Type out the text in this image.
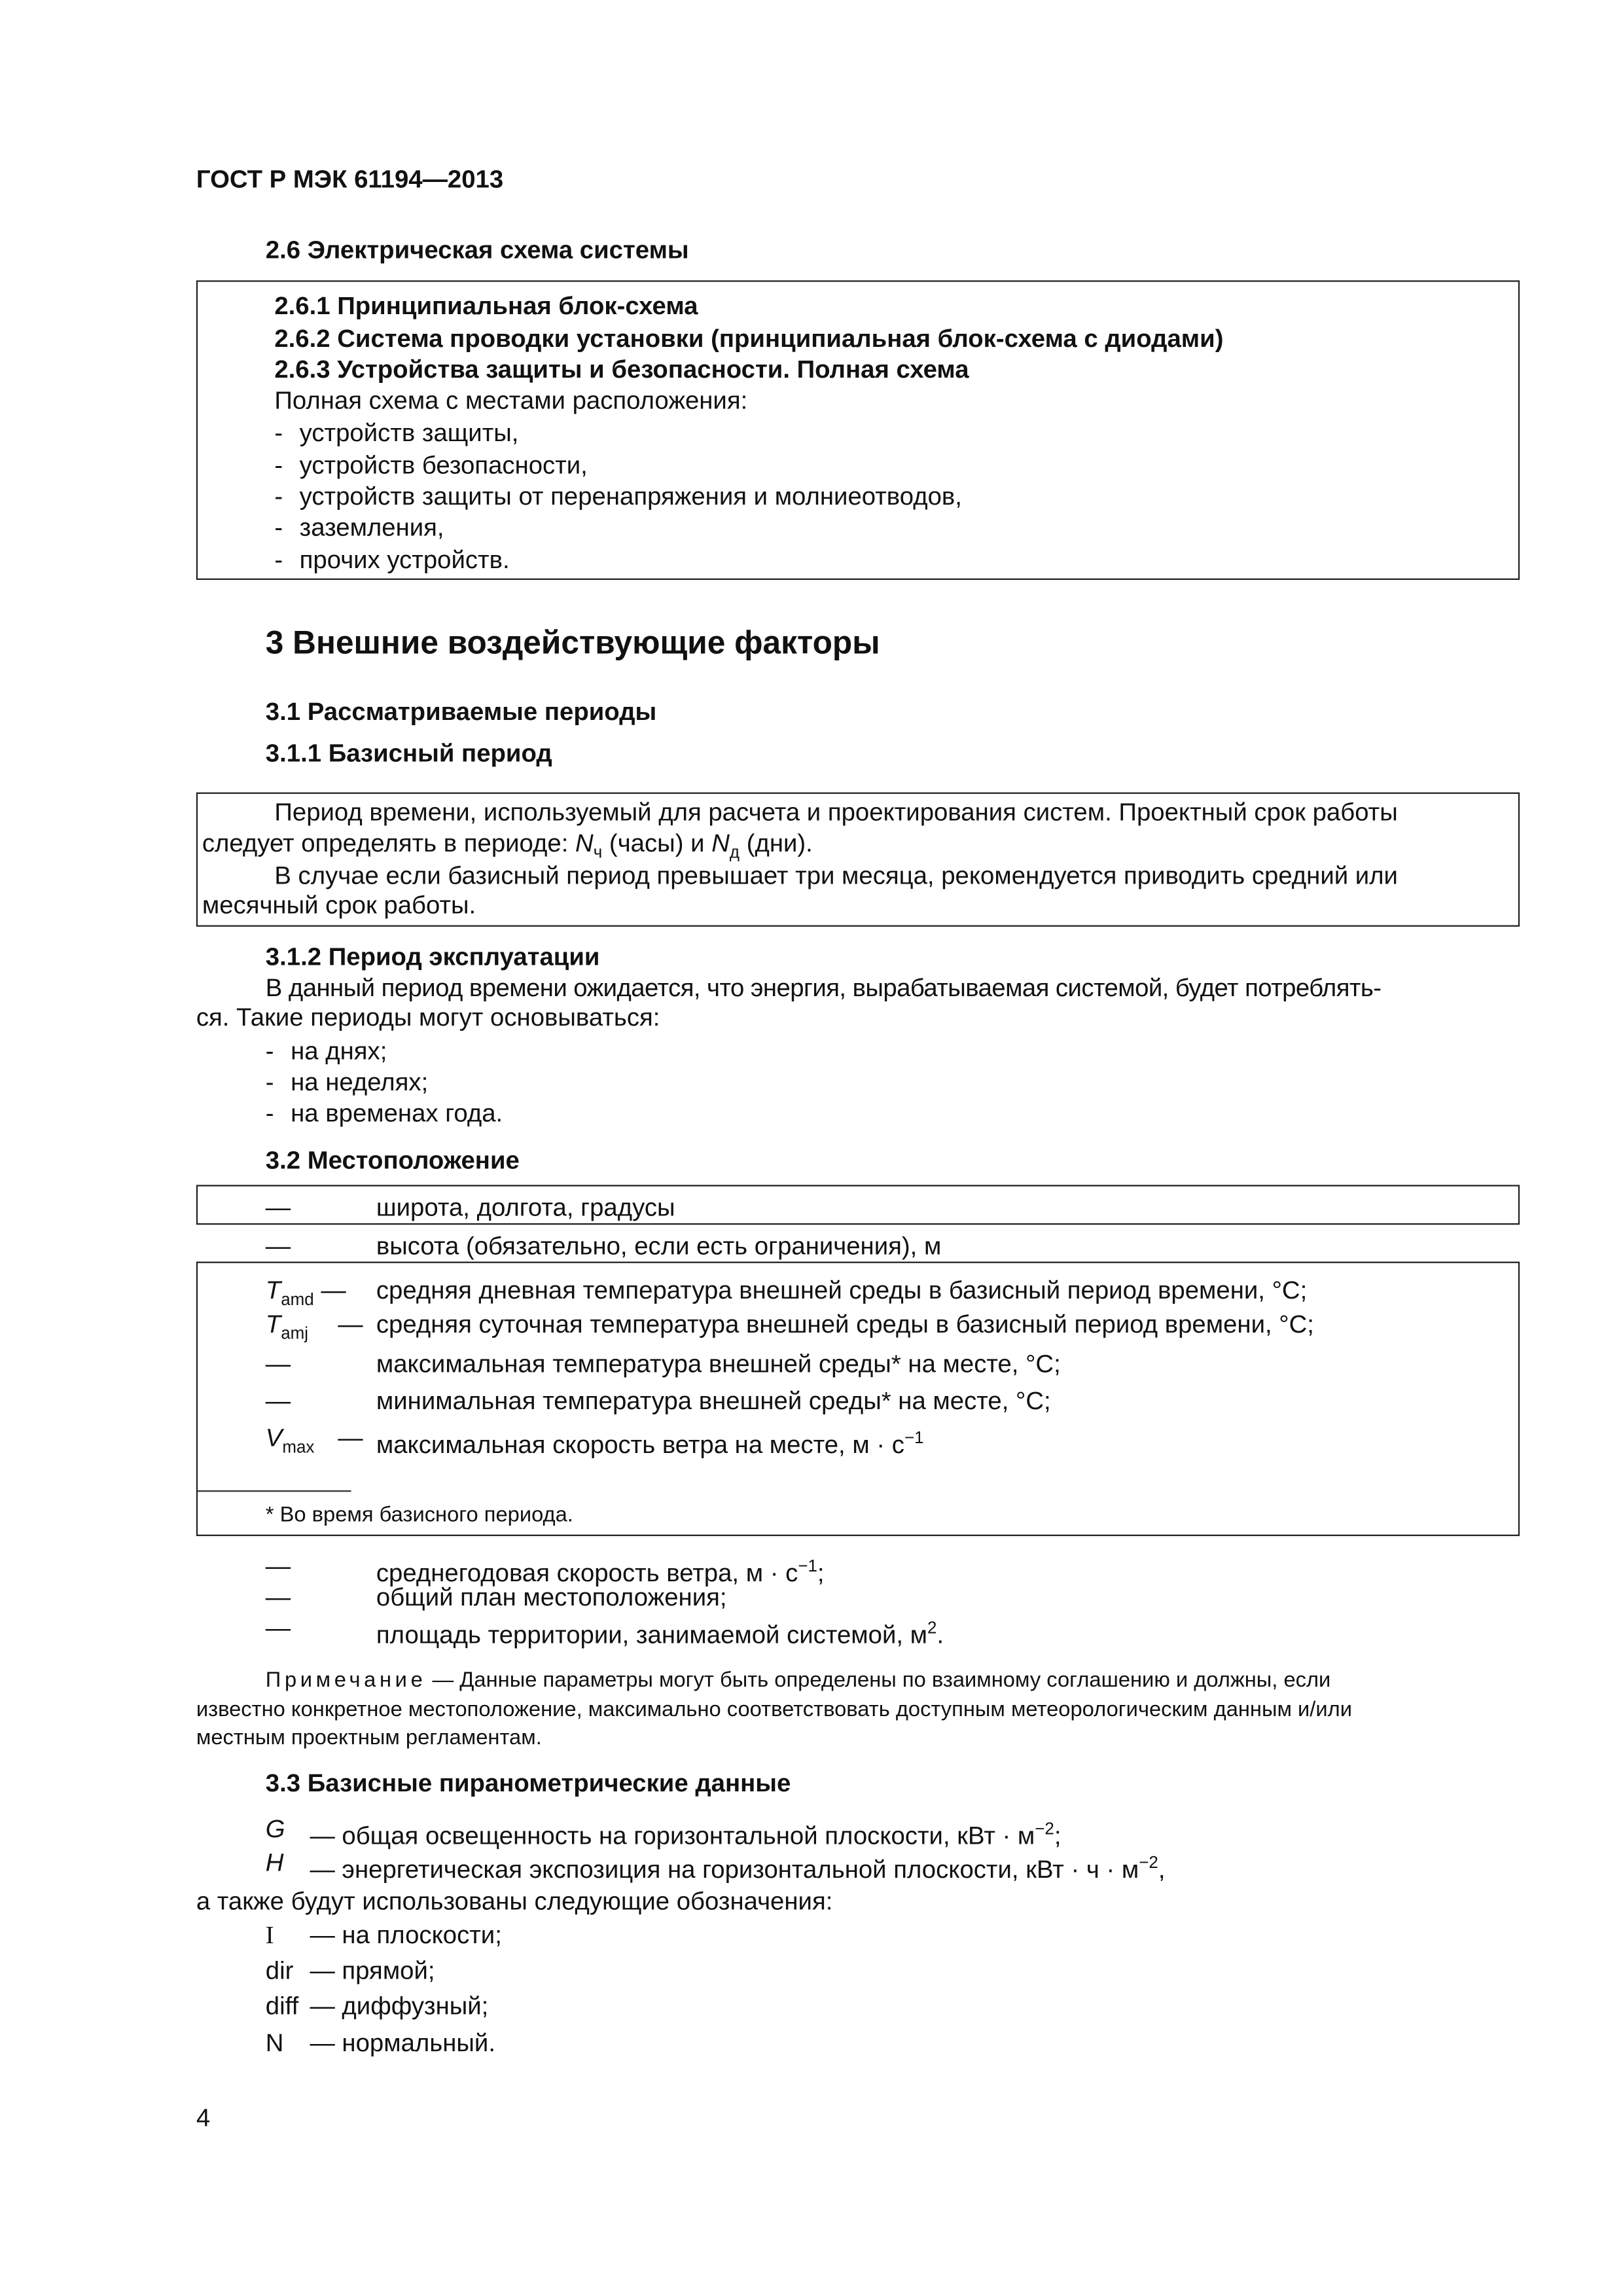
ГОСТ Р МЭК 61194—2013
2.6 Электрическая схема системы
2.6.1 Принципиальная блок-схема
2.6.2 Система проводки установки (принципиальная блок-схема с диодами)
2.6.3 Устройства защиты и безопасности. Полная схема
Полная схема с местами расположения:
- устройств защиты,
- устройств безопасности,
- устройств защиты от перенапряжения и молниеотводов,
- заземления,
- прочих устройств.
3 Внешние воздействующие факторы
3.1 Рассматриваемые периоды
3.1.1 Базисный период
Период времени, используемый для расчета и проектирования систем. Проектный срок работы
следует определять в периоде: $N_ч$ (часы) и $N_д$ (дни).
В случае если базисный период превышает три месяца, рекомендуется приводить средний или
месячный срок работы.
3.1.2 Период эксплуатации
В данный период времени ожидается, что энергия, вырабатываемая системой, будет потреблять-
ся. Такие периоды могут основываться:
- на днях;
- на неделях;
- на временах года.
3.2 Местоположение
—	широта, долгота, градусы
—	высота (обязательно, если есть ограничения), м
$T_{amd}$ —	средняя дневная температура внешней среды в базисный период времени, °С;
$T_{amj}$	— средняя суточная температура внешней среды в базисный период времени, °С;
—	максимальная температура внешней среды* на месте, °С;
—	минимальная температура внешней среды* на месте, °С;
$V_{max}$ — максимальная скорость ветра на месте, $м \cdot с^{-1}$
* Во время базисного периода.
—	среднегодовая скорость ветра, $м \cdot с^{-1}$;
—	общий план местоположения;
—	площадь территории, занимаемой системой, $м^2$.
Примечание — Данные параметры могут быть определены по взаимному соглашению и должны, если
известно конкретное местоположение, максимально соответствовать доступным метеорологическим данным и/или
местным проектным регламентам.
3.3 Базисные пиранометрические данные
G — общая освещенность на горизонтальной плоскости, кВт · $м^{-2}$;
H — энергетическая экспозиция на горизонтальной плоскости, кВт · $ч \cdot м^{-2}$,
а также будут использованы следующие обозначения:
I	— на плоскости;
dir — прямой;
diff — диффузный;
N — нормальный.
4
